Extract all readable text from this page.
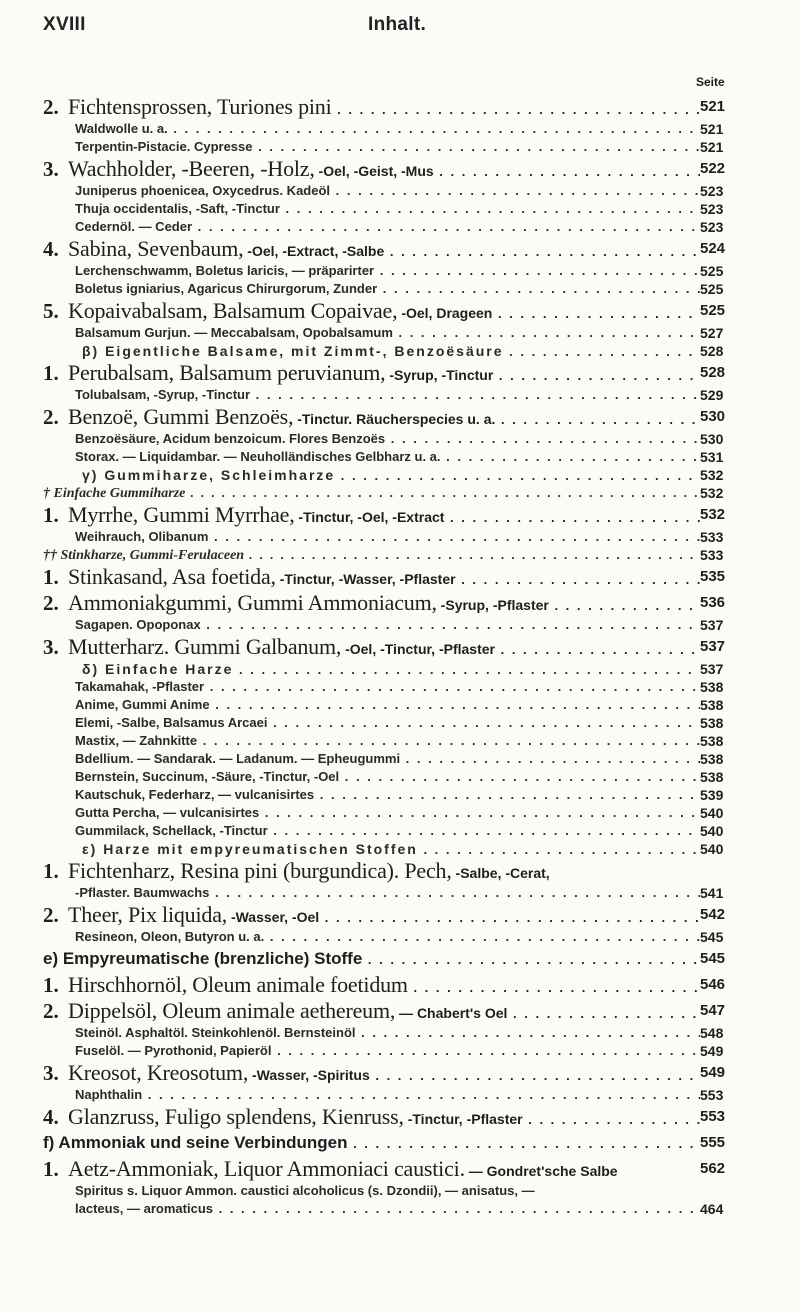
XVIII	Inhalt.
Seite
2. Fichtensprossen, Turiones pini . . .	521
Waldwolle u. a. . . .	521
Terpentin-Pistacie. Cypresse . . .	521
3. Wachholder, -Beeren, -Holz, -Oel, -Geist, -Mus . . .	522
Juniperus phoenicea, Oxycedrus. Kadeöl . . .	523
Thuja occidentalis, -Saft, -Tinctur . . .	523
Cedernöl. — Ceder . . .	523
4. Sabina, Sevenbaum, -Oel, -Extract, -Salbe . . .	524
Lerchenschwamm, Boletus laricis, — präparirter . . .	525
Boletus igniarius, Agaricus Chirurgorum, Zunder . . .	525
5. Kopaivabalsam, Balsamum Copaivae, -Oel, Drageen . . .	525
Balsamum Gurjun. — Meccabalsam, Opobalsamum . . .	527
β) Eigentliche Balsame, mit Zimmt-, Benzoësäure . . .	528
1. Perubalsam, Balsamum peruvianum, -Syrup, -Tinctur . . .	528
Tolubalsam, -Syrup, -Tinctur . . .	529
2. Benzoë, Gummi Benzoës, -Tinctur. Räucherspecies u. a. . . .	530
Benzoësäure, Acidum benzoicum. Flores Benzoës . . .	530
Storax. — Liquidambar. — Neuholländisches Gelbharz u. a. . . .	531
γ) Gummiharze, Schleimharze . . .	532
† Einfache Gummiharze . . .	532
1. Myrrhe, Gummi Myrrhae, -Tinctur, -Oel, -Extract . . .	532
Weihrauch, Olibanum . . .	533
†† Stinkharze, Gummi-Ferulaceen . . .	533
1. Stinkasand, Asa foetida, -Tinctur, -Wasser, -Pflaster . . .	535
2. Ammoniakgummi, Gummi Ammoniacum, -Syrup, -Pflaster . . .	536
Sagapen. Opoponax . . .	537
3. Mutterharz. Gummi Galbanum, -Oel, -Tinctur, -Pflaster . . .	537
δ) Einfache Harze . . .	537
Takamahak, -Pflaster . . .	538
Anime, Gummi Anime . . .	538
Elemi, -Salbe, Balsamus Arcaei . . .	538
Mastix, — Zahnkitte . . .	538
Bdellium. — Sandarak. — Ladanum. — Epheugummi . . .	538
Bernstein, Succinum, -Säure, -Tinctur, -Oel . . .	538
Kautschuk, Federharz, — vulcanisirtes . . .	539
Gutta Percha, — vulcanisirtes . . .	540
Gummilack, Schellack, -Tinctur . . .	540
ε) Harze mit empyreumatischen Stoffen . . .	540
1. Fichtenharz, Resina pini (burgundica). Pech, -Salbe, -Cerat,
-Pflaster. Baumwachs . . .	541
2. Theer, Pix liquida, -Wasser, -Oel . . .	542
Resineon, Oleon, Butyron u. a. . . .	545
e) Empyreumatische (brenzliche) Stoffe . . .	545
1. Hirschhornöl, Oleum animale foetidum . . .	546
2. Dippelsöl, Oleum animale aethereum, — Chabert's Oel . . .	547
Steinöl. Asphaltöl. Steinkohlenöl. Bernsteinöl . . .	548
Fuselöl. — Pyrothonid, Papieröl . . .	549
3. Kreosot, Kreosotum, -Wasser, -Spiritus . . .	549
Naphthalin . . .	553
4. Glanzruss, Fuligo splendens, Kienruss, -Tinctur, -Pflaster . . .	553
f) Ammoniak und seine Verbindungen . . .	555
1. Aetz-Ammoniak, Liquor Ammoniaci caustici. — Gondret'sche Salbe	562
Spiritus s. Liquor Ammon. caustici alcoholicus (s. Dzondii), — anisatus, —
lacteus, — aromaticus . . .	464
